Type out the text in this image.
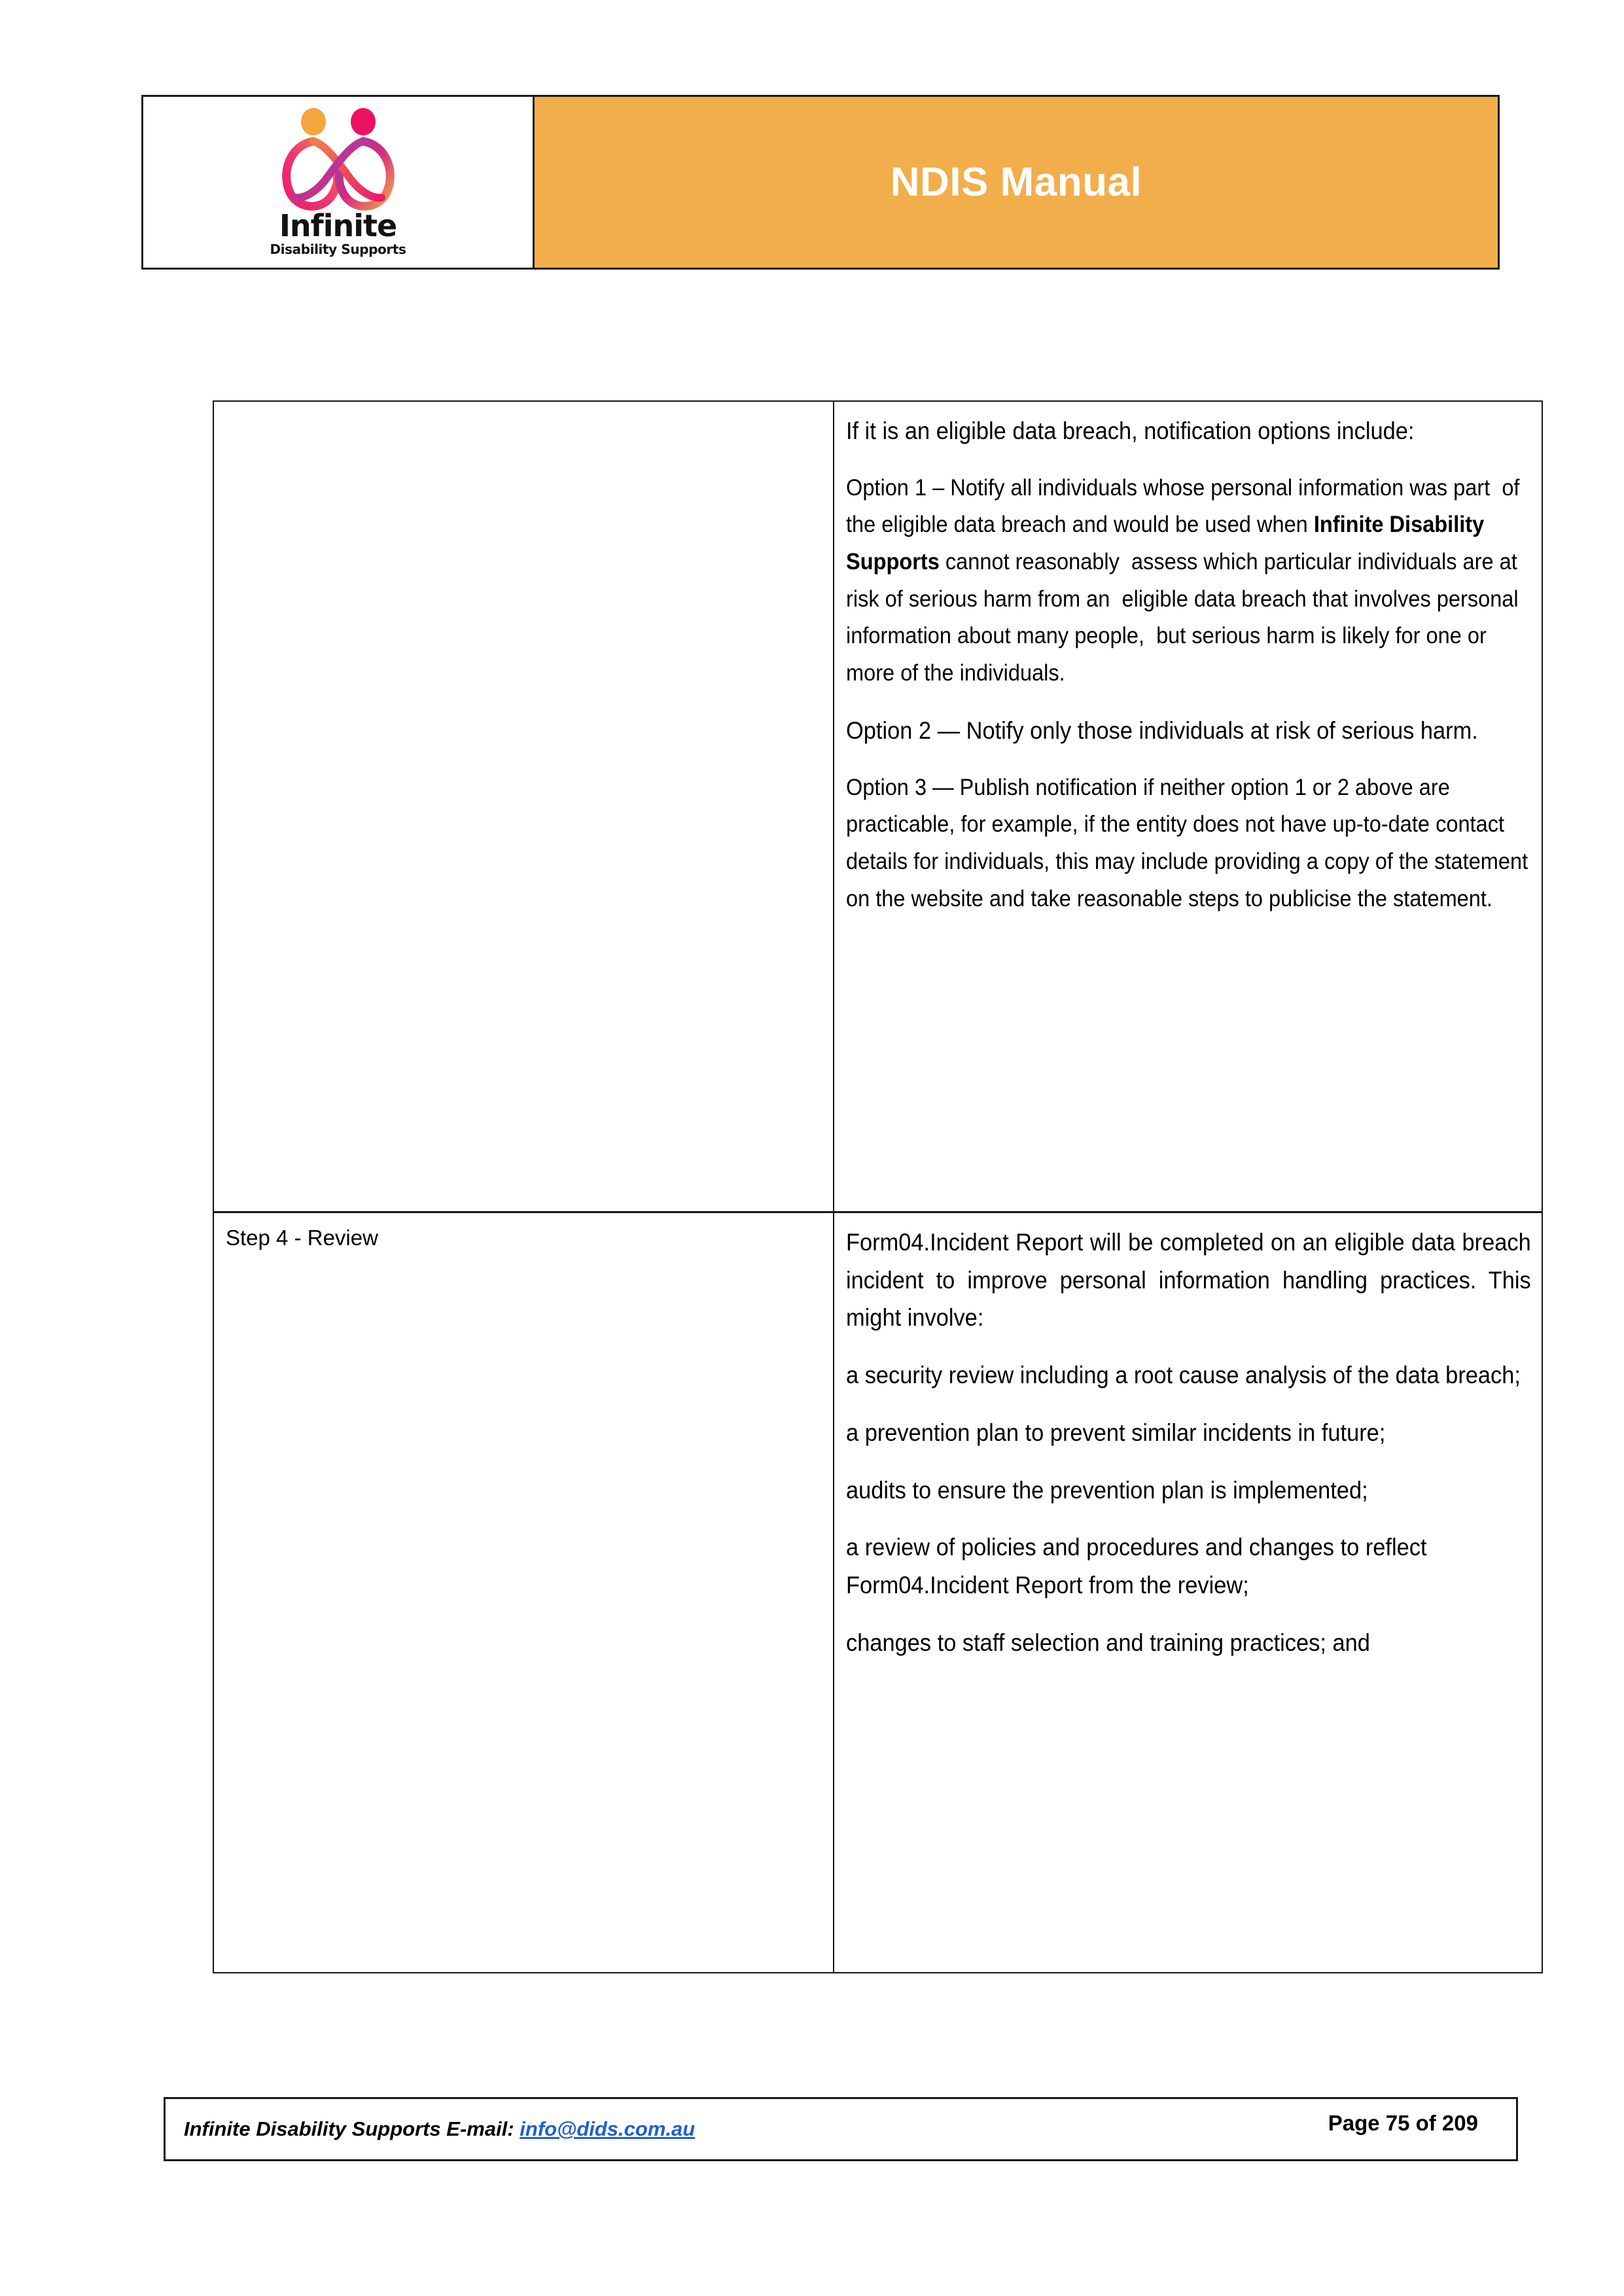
Infinite
Disability Supports
NDIS Manual
If it is an eligible data breach, notification options include:
Option 1 – Notify all individuals whose personal information was part  of the eligible data breach and would be used when Infinite Disability Supports cannot reasonably  assess which particular individuals are at risk of serious harm from an  eligible data breach that involves personal information about many people,  but serious harm is likely for one or more of the individuals.
Option 2 — Notify only those individuals at risk of serious harm.
Option 3 — Publish notification if neither option 1 or 2 above are  practicable, for example, if the entity does not have up-to-date contact  details for individuals, this may include providing a copy of the statement  on the website and take reasonable steps to publicise the statement.
Step 4 - Review	Form04.Incident Report will be completed on an eligible data breach incident to improve personal information handling practices. This might involve:
a security review including a root cause analysis of the data breach;
a prevention plan to prevent similar incidents in future;
audits to ensure the prevention plan is implemented;
a review of policies and procedures and changes to reflect Form04.Incident Report from the review;
changes to staff selection and training practices; and
Infinite Disability Supports E-mail: info@dids.com.au	Page 75 of 209
